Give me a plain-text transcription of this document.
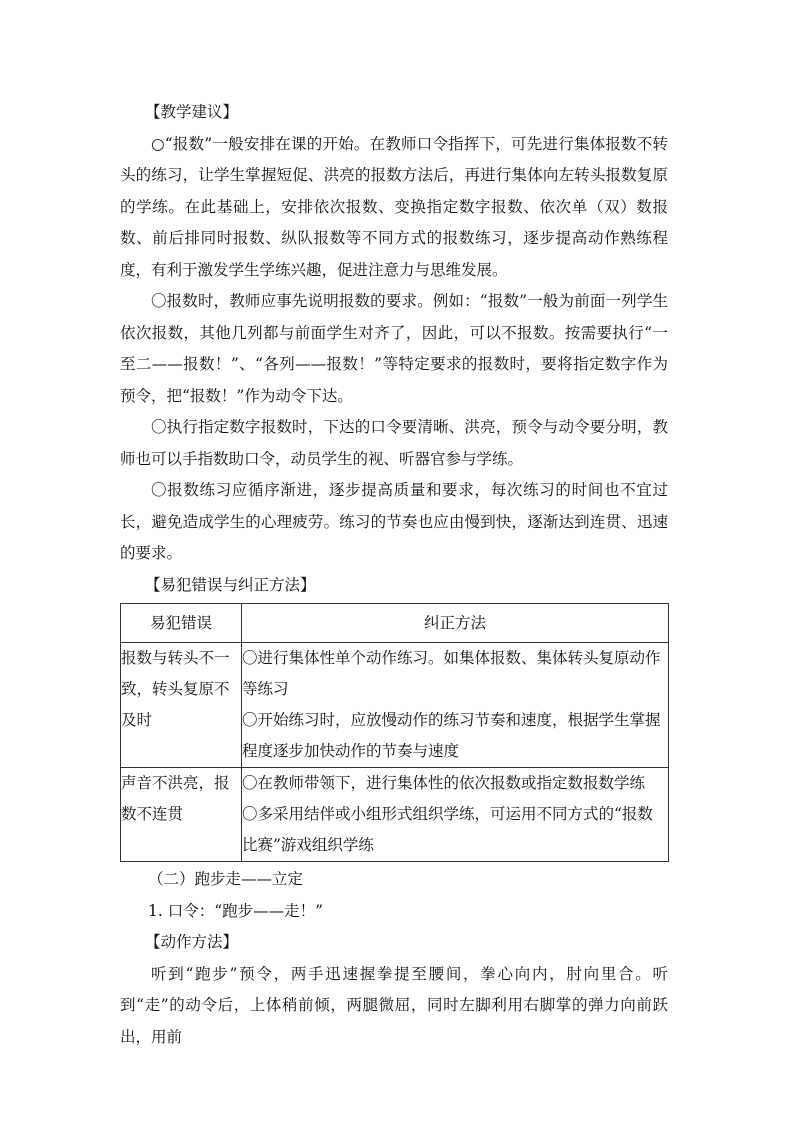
【教学建议】

○“报数”一般安排在课的开始。在教师口令指挥下，可先进行集体报数不转头的练习，让学生掌握短促、洪亮的报数方法后，再进行集体向左转头报数复原的学练。在此基础上，安排依次报数、变换指定数字报数、依次单（双）数报数、前后排同时报数、纵队报数等不同方式的报数练习，逐步提高动作熟练程度，有利于激发学生学练兴趣，促进注意力与思维发展。

〇报数时，教师应事先说明报数的要求。例如：“报数”一般为前面一列学生依次报数，其他几列都与前面学生对齐了，因此，可以不报数。按需要执行“一至二——报数！”、“各列——报数！”等特定要求的报数时，要将指定数字作为预令，把“报数！”作为动令下达。

〇执行指定数字报数时，下达的口令要清晰、洪亮，预令与动令要分明，教师也可以手指数助口令，动员学生的视、听器官参与学练。

〇报数练习应循序渐进，逐步提高质量和要求，每次练习的时间也不宜过长，避免造成学生的心理疲劳。练习的节奏也应由慢到快，逐渐达到连贯、迅速的要求。

【易犯错误与纠正方法】

易犯错误	纠正方法
报数与转头不一致，转头复原不及时	〇进行集体性单个动作练习。如集体报数、集体转头复原动作等练习
〇开始练习时，应放慢动作的练习节奏和速度，根据学生掌握程度逐步加快动作的节奏与速度

声音不洪亮，报数不连贯	〇在教师带领下，进行集体性的依次报数或指定数报数学练
〇多采用结伴或小组形式组织学练，可运用不同方式的“报数比赛”游戏组织学练

（二）跑步走——立定

1. 口令：“跑步——走！”

【动作方法】

听到“跑步”预令，两手迅速握拳提至腰间，拳心向内，肘向里合。听到“走”的动令后，上体稍前倾，两腿微屈，同时左脚利用右脚掌的弹力向前跃出，用前
